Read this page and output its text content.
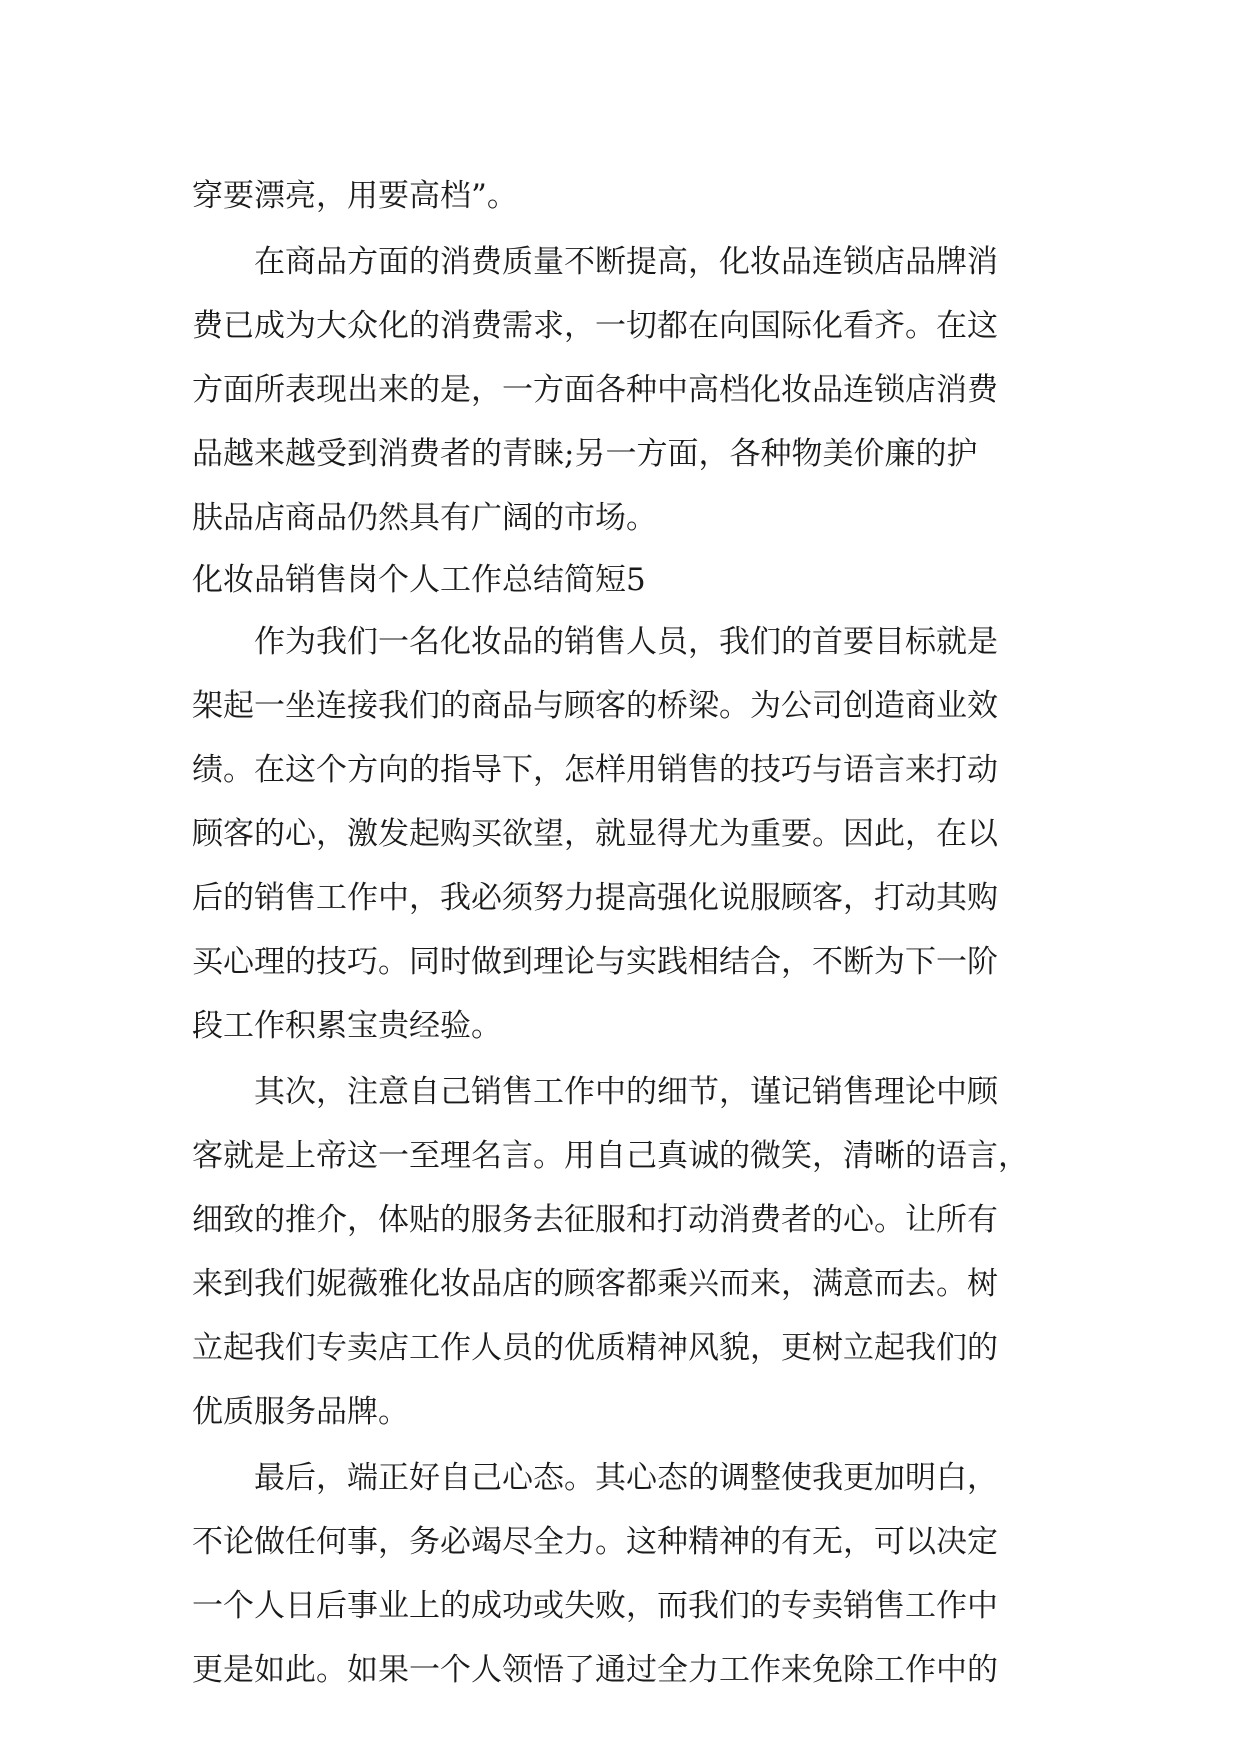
穿要漂亮，用要高档”。
在商品方面的消费质量不断提高，化妆品连锁店品牌消
费已成为大众化的消费需求，一切都在向国际化看齐。在这
方面所表现出来的是，一方面各种中高档化妆品连锁店消费
品越来越受到消费者的青睐;另一方面，各种物美价廉的护
肤品店商品仍然具有广阔的市场。
化妆品销售岗个人工作总结简短5
作为我们一名化妆品的销售人员，我们的首要目标就是
架起一坐连接我们的商品与顾客的桥梁。为公司创造商业效
绩。在这个方向的指导下，怎样用销售的技巧与语言来打动
顾客的心，激发起购买欲望，就显得尤为重要。因此，在以
后的销售工作中，我必须努力提高强化说服顾客，打动其购
买心理的技巧。同时做到理论与实践相结合，不断为下一阶
段工作积累宝贵经验。
其次，注意自己销售工作中的细节，谨记销售理论中顾
客就是上帝这一至理名言。用自己真诚的微笑，清晰的语言，
细致的推介，体贴的服务去征服和打动消费者的心。让所有
来到我们妮薇雅化妆品店的顾客都乘兴而来，满意而去。树
立起我们专卖店工作人员的优质精神风貌，更树立起我们的
优质服务品牌。
最后，端正好自己心态。其心态的调整使我更加明白，
不论做任何事，务必竭尽全力。这种精神的有无，可以决定
一个人日后事业上的成功或失败，而我们的专卖销售工作中
更是如此。如果一个人领悟了通过全力工作来免除工作中的
